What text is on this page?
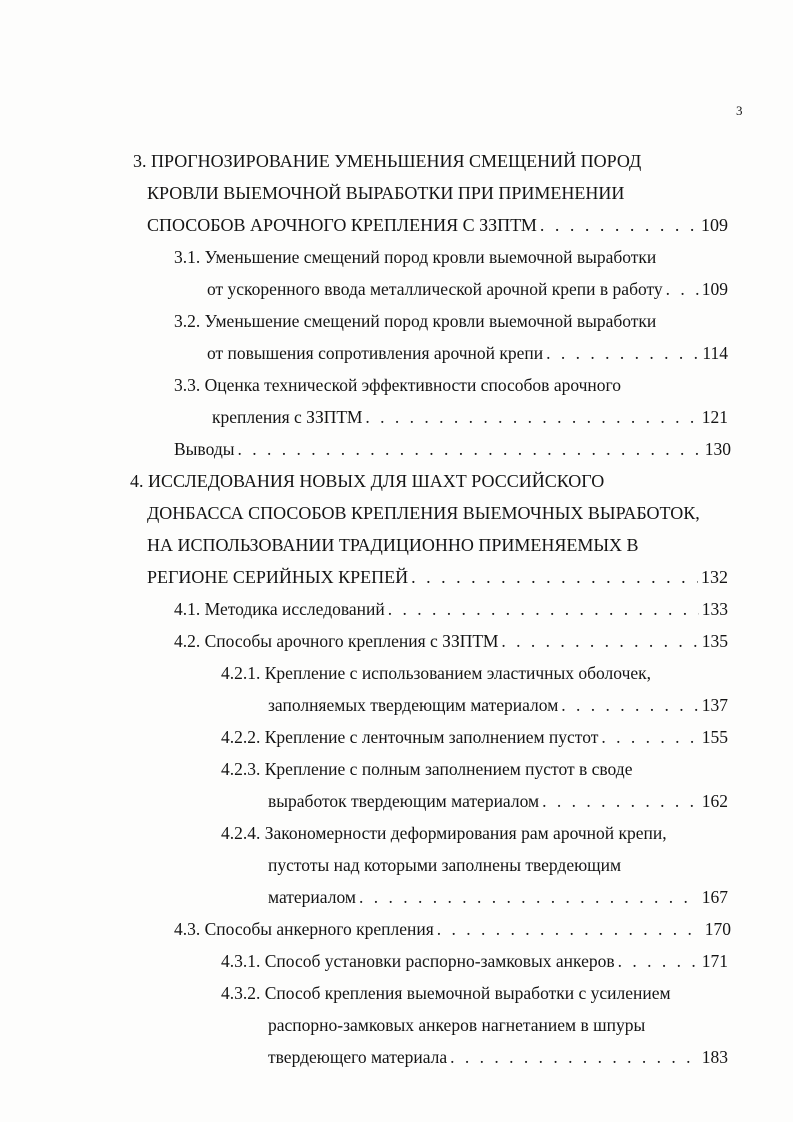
3
3. ПРОГНОЗИРОВАНИЕ УМЕНЬШЕНИЯ СМЕЩЕНИЙ ПОРОД
КРОВЛИ ВЫЕМОЧНОЙ ВЫРАБОТКИ ПРИ ПРИМЕНЕНИИ
СПОСОБОВ АРОЧНОГО КРЕПЛЕНИЯ С ЗЗПТМ . . .	109
3.1. Уменьшение смещений пород кровли выемочной выработки
от ускоренного ввода металлической арочной крепи в работу . . . 109
3.2. Уменьшение смещений пород кровли выемочной выработки
от повышения сопротивления арочной крепи . . .	114
3.3. Оценка технической эффективности способов арочного
крепления с ЗЗПТМ . . .	121
Выводы . . .	130
4. ИССЛЕДОВАНИЯ НОВЫХ ДЛЯ ШАХТ РОССИЙСКОГО
ДОНБАССА СПОСОБОВ КРЕПЛЕНИЯ ВЫЕМОЧНЫХ ВЫРАБОТОК,
НА ИСПОЛЬЗОВАНИИ ТРАДИЦИОННО ПРИМЕНЯЕМЫХ В
РЕГИОНЕ СЕРИЙНЫХ КРЕПЕЙ . . .	132
4.1. Методика исследований . . .	133
4.2. Способы арочного крепления с ЗЗПТМ . . .	135
4.2.1. Крепление с использованием эластичных оболочек,
заполняемых твердеющим материалом . . .	137
4.2.2. Крепление с ленточным заполнением пустот . . .	155
4.2.3. Крепление с полным заполнением пустот в своде
выработок твердеющим материалом . . .	162
4.2.4. Закономерности деформирования рам арочной крепи,
пустоты над которыми заполнены твердеющим
материалом . . .	167
4.3. Способы анкерного крепления . . .	170
4.3.1. Способ установки распорно-замковых анкеров . . .	171
4.3.2. Способ крепления выемочной выработки с усилением
распорно-замковых анкеров нагнетанием в шпуры
твердеющего материала . . .	183
